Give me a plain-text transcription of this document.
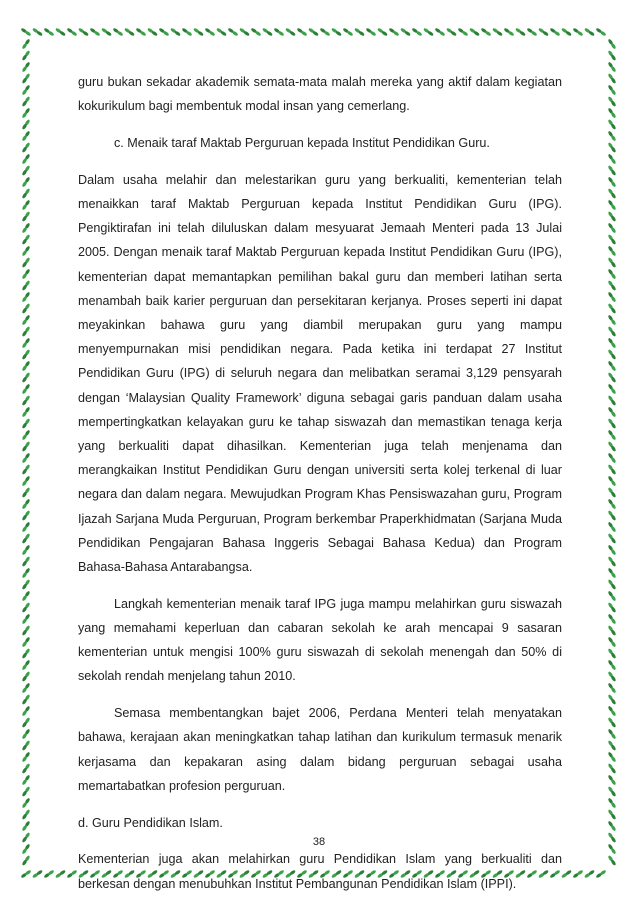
guru bukan sekadar akademik semata-mata malah mereka yang aktif dalam kegiatan kokurikulum bagi membentuk modal insan yang cemerlang.

c. Menaik taraf Maktab Perguruan kepada Institut Pendidikan Guru.

Dalam usaha melahir dan melestarikan guru yang berkualiti, kementerian telah menaikkan taraf Maktab Perguruan kepada Institut Pendidikan Guru (IPG). Pengiktirafan ini telah diluluskan dalam mesyuarat Jemaah Menteri pada 13 Julai 2005. Dengan menaik taraf Maktab Perguruan kepada Institut Pendidikan Guru (IPG), kementerian dapat memantapkan pemilihan bakal guru dan memberi latihan serta menambah baik karier perguruan dan persekitaran kerjanya. Proses seperti ini dapat meyakinkan bahawa guru yang diambil merupakan guru yang mampu menyempurnakan misi pendidikan negara. Pada ketika ini terdapat 27 Institut Pendidikan Guru (IPG) di seluruh negara dan melibatkan seramai 3,129 pensyarah dengan ‘Malaysian Quality Framework’ diguna sebagai garis panduan dalam usaha mempertingkatkan kelayakan guru ke tahap siswazah dan memastikan tenaga kerja yang berkualiti dapat dihasilkan. Kementerian juga telah menjenama dan merangkaikan Institut Pendidikan Guru dengan universiti serta kolej terkenal di luar negara dan dalam negara. Mewujudkan Program Khas Pensiswazahan guru, Program Ijazah Sarjana Muda Perguruan, Program berkembar Praperkhidmatan (Sarjana Muda Pendidikan Pengajaran Bahasa Inggeris Sebagai Bahasa Kedua) dan Program Bahasa-Bahasa Antarabangsa.

Langkah kementerian menaik taraf IPG juga mampu melahirkan guru siswazah yang memahami keperluan dan cabaran sekolah ke arah mencapai 9 sasaran kementerian untuk mengisi 100% guru siswazah di sekolah menengah dan 50% di sekolah rendah menjelang tahun 2010.

Semasa membentangkan bajet 2006, Perdana Menteri telah menyatakan bahawa, kerajaan akan meningkatkan tahap latihan dan kurikulum termasuk menarik kerjasama dan kepakaran asing dalam bidang perguruan sebagai usaha memartabatkan profesion perguruan.

d. Guru Pendidikan Islam.

Kementerian juga akan melahirkan guru Pendidikan Islam yang berkualiti dan berkesan dengan menubuhkan Institut Pembangunan Pendidikan Islam (IPPI).

38
